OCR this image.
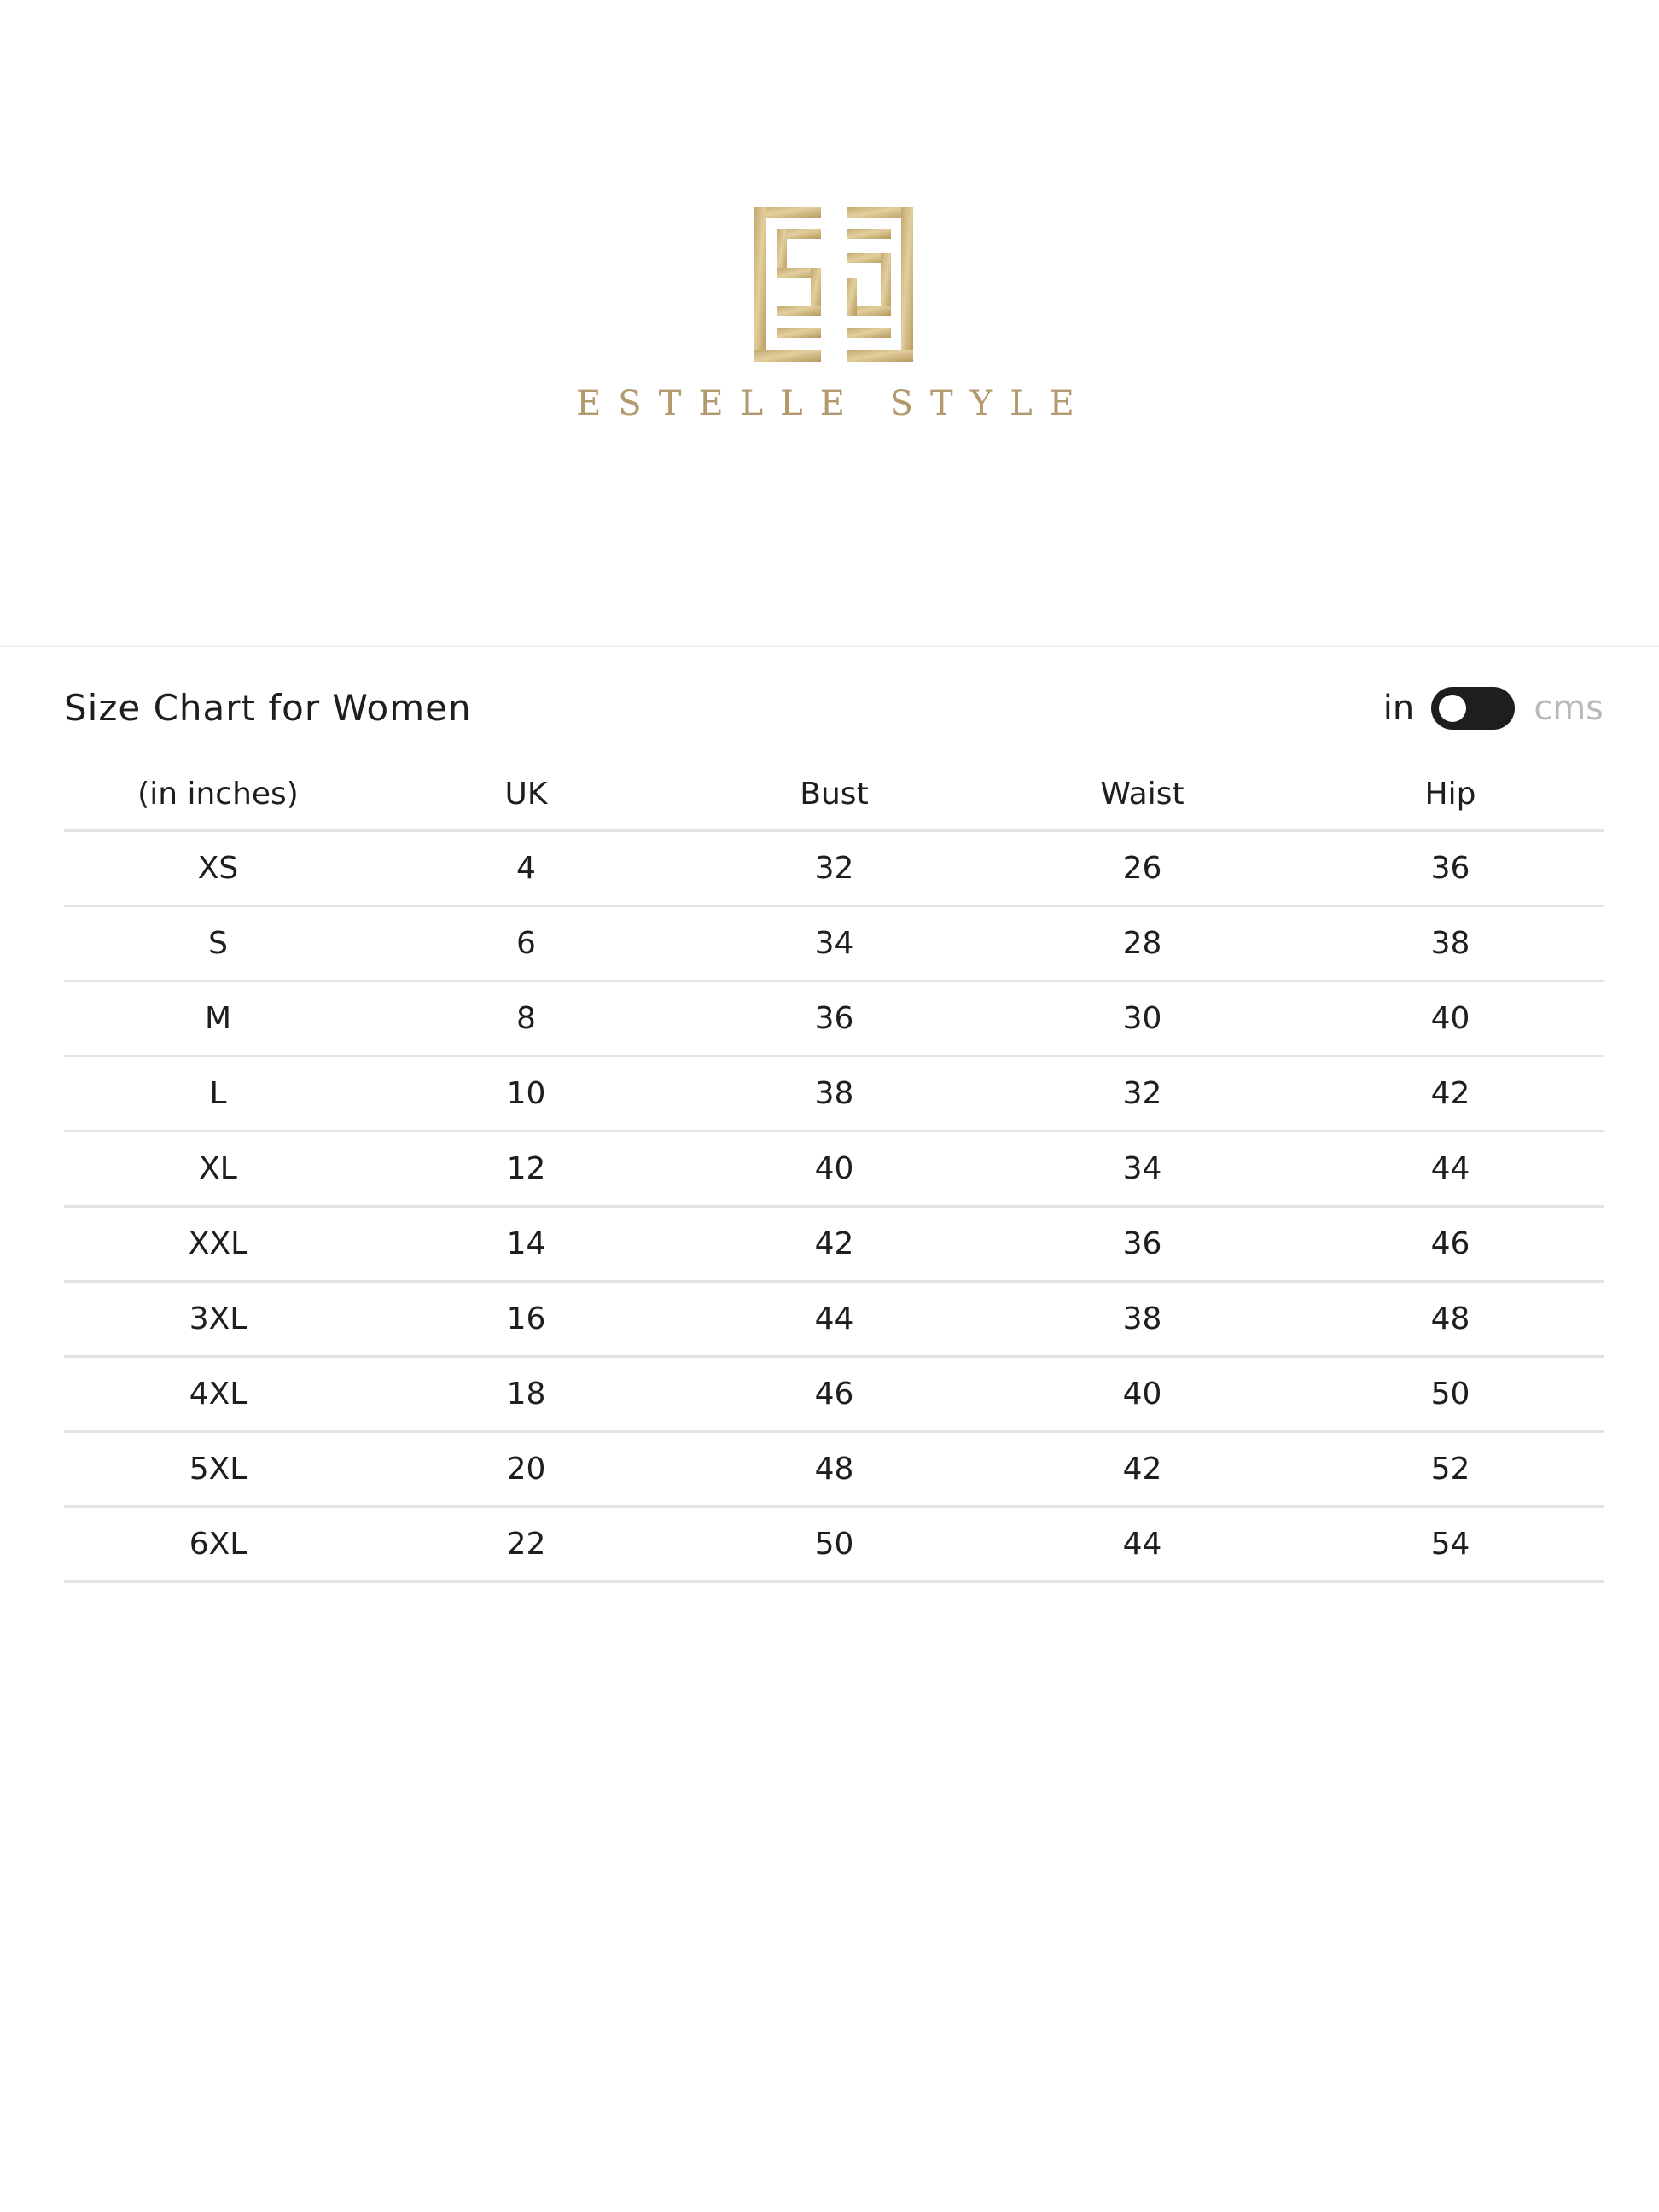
ESTELLE STYLE
Size Chart for Women	in	cms
(in inches)	UK	Bust	Waist	Hip
XS	4	32	26	36
S	6	34	28	38
M	8	36	30	40
L	10	38	32	42
XL	12	40	34	44
XXL	14	42	36	46
3XL	16	44	38	48
4XL	18	46	40	50
5XL	20	48	42	52
6XL	22	50	44	54
